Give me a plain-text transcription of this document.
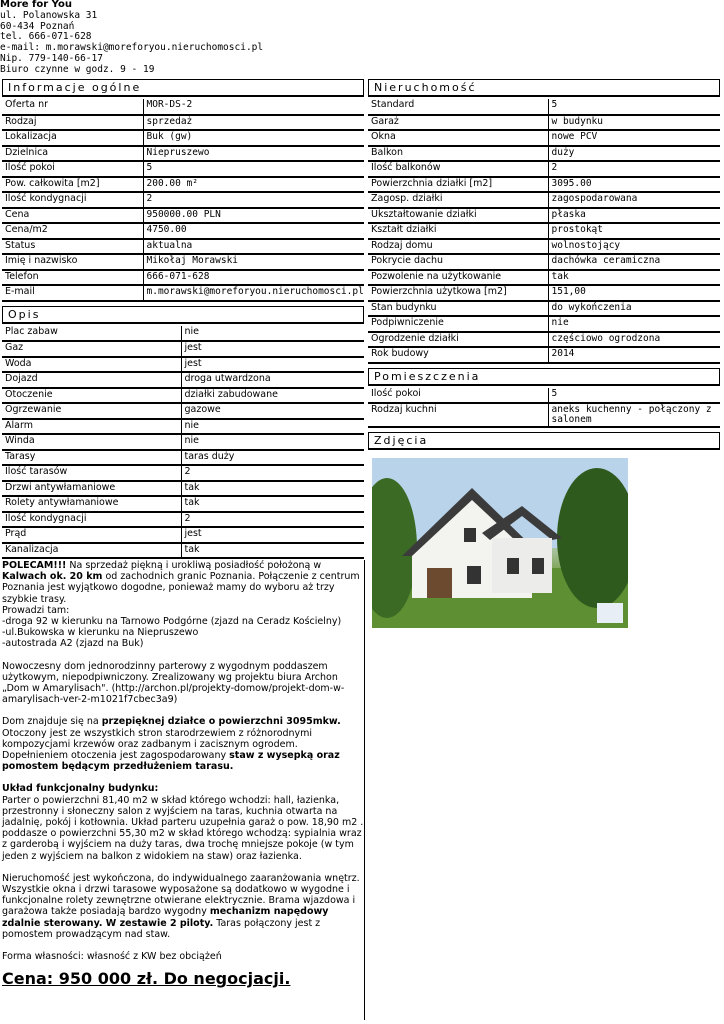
More for You
ul. Polanowska 31
60-434 Poznań
tel. 666-071-628
e-mail: m.morawski@moreforyou.nieruchomosci.pl
Nip. 779-140-66-17
Biuro czynne w godz. 9 - 19
Informacje ogólne
Oferta nr	MOR-DS-2
Rodzaj	sprzedaż
Lokalizacja	Buk (gw)
Dzielnica	Niepruszewo
Ilość pokoi	5
Pow. całkowita [m2]	200.00 m²
Ilość kondygnacji	2
Cena	950000.00 PLN
Cena/m2	4750.00
Status	aktualna
Imię i nazwisko	Mikołaj Morawski
Telefon	666-071-628
E-mail	m.morawski@moreforyou.nieruchomosci.pl
Opis
Plac zabaw	nie
Gaz	jest
Woda	jest
Dojazd	droga utwardzona
Otoczenie	działki zabudowane
Ogrzewanie	gazowe
Alarm	nie
Winda	nie
Tarasy	taras duży
Ilość tarasów	2
Drzwi antywłamaniowe	tak
Rolety antywłamaniowe	tak
Ilość kondygnacji	2
Prąd	jest
Kanalizacja	tak
Nieruchomość
Standard	5
Garaż	w budynku
Okna	nowe PCV
Balkon	duży
Ilość balkonów	2
Powierzchnia działki [m2]	3095.00
Zagosp. działki	zagospodarowana
Ukształtowanie działki	płaska
Kształt działki	prostokąt
Rodzaj domu	wolnostojący
Pokrycie dachu	dachówka ceramiczna
Pozwolenie na użytkowanie	tak
Powierzchnia użytkowa [m2]	151,00
Stan budynku	do wykończenia
Podpiwniczenie	nie
Ogrodzenie działki	częściowo ogrodzona
Rok budowy	2014
Pomieszczenia
Ilość pokoi	5
Rodzaj kuchni	aneks kuchenny - połączony z salonem
Zdjęcia

POLECAM!!! Na sprzedaż piękną i urokliwą posiadłość położoną w Kalwach ok. 20 km od zachodnich granic Poznania. Połączenie z centrum Poznania jest wyjątkowo dogodne, ponieważ mamy do wyboru aż trzy szybkie trasy.
Prowadzi tam:
-droga 92 w kierunku na Tarnowo Podgórne (zjazd na Ceradz Kościelny)
-ul.Bukowska w kierunku na Niepruszewo
-autostrada A2 (zjazd na Buk)

Nowoczesny dom jednorodzinny parterowy z wygodnym poddaszem użytkowym, niepodpiwniczony. Zrealizowany wg projektu biura Archon „Dom w Amarylisach". (http://archon.pl/projekty-domow/projekt-dom-w-amarylisach-ver-2-m1021f7cbec3a9)

Dom znajduje się na przepięknej działce o powierzchni 3095mkw. Otoczony jest ze wszystkich stron starodrzewiem z różnorodnymi kompozycjami krzewów oraz zadbanym i zacisznym ogrodem. Dopełnieniem otoczenia jest zagospodarowany staw z wysepką oraz pomostem będącym przedłużeniem tarasu.

Układ funkcjonalny budynku:
Parter o powierzchni 81,40 m2 w skład którego wchodzi: hall, łazienka, przestronny i słoneczny salon z wyjściem na taras, kuchnia otwarta na jadalnię, pokój i kotłownia. Układ parteru uzupełnia garaż o pow. 18,90 m2 . poddasze o powierzchni 55,30 m2 w skład którego wchodzą: sypialnia wraz z garderobą i wyjściem na duży taras, dwa trochę mniejsze pokoje (w tym jeden z wyjściem na balkon z widokiem na staw) oraz łazienka.

Nieruchomość jest wykończona, do indywidualnego zaaranżowania wnętrz. Wszystkie okna i drzwi tarasowe wyposażone są dodatkowo w wygodne i funkcjonalne rolety zewnętrzne otwierane elektrycznie. Brama wjazdowa i garażowa także posiadają bardzo wygodny mechanizm napędowy zdalnie sterowany. W zestawie 2 piloty. Taras połączony jest z pomostem prowadzącym nad staw.

Forma własności: własność z KW bez obciążeń

Cena: 950 000 zł. Do negocjacji.
